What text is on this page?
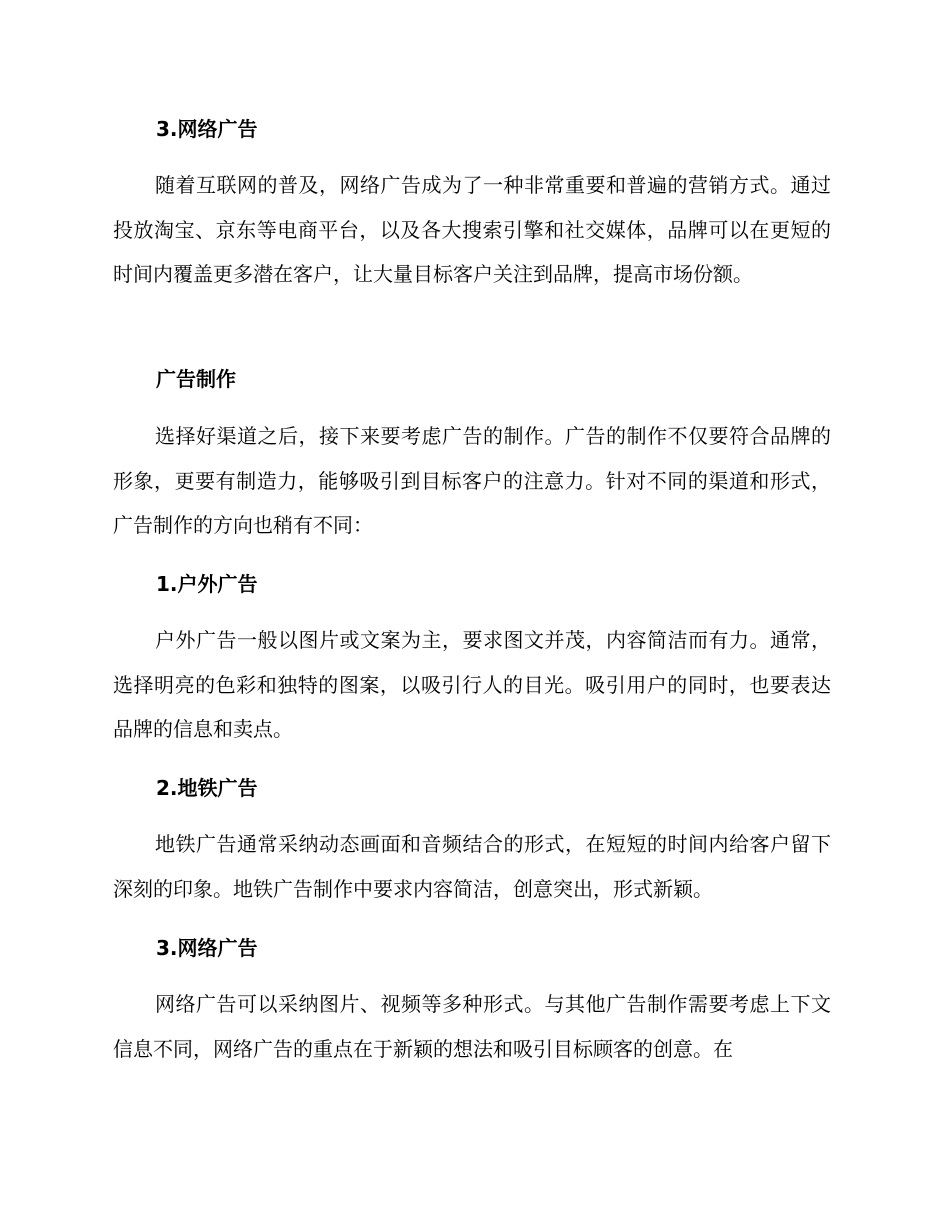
3.网络广告

随着互联网的普及，网络广告成为了一种非常重要和普遍的营销方式。通过投放淘宝、京东等电商平台，以及各大搜索引擎和社交媒体，品牌可以在更短的时间内覆盖更多潜在客户，让大量目标客户关注到品牌，提高市场份额。

广告制作

选择好渠道之后，接下来要考虑广告的制作。广告的制作不仅要符合品牌的形象，更要有制造力，能够吸引到目标客户的注意力。针对不同的渠道和形式，广告制作的方向也稍有不同：

1.户外广告

户外广告一般以图片或文案为主，要求图文并茂，内容简洁而有力。通常，选择明亮的色彩和独特的图案，以吸引行人的目光。吸引用户的同时，也要表达品牌的信息和卖点。

2.地铁广告

地铁广告通常采纳动态画面和音频结合的形式，在短短的时间内给客户留下深刻的印象。地铁广告制作中要求内容简洁，创意突出，形式新颖。

3.网络广告

网络广告可以采纳图片、视频等多种形式。与其他广告制作需要考虑上下文信息不同，网络广告的重点在于新颖的想法和吸引目标顾客的创意。在
